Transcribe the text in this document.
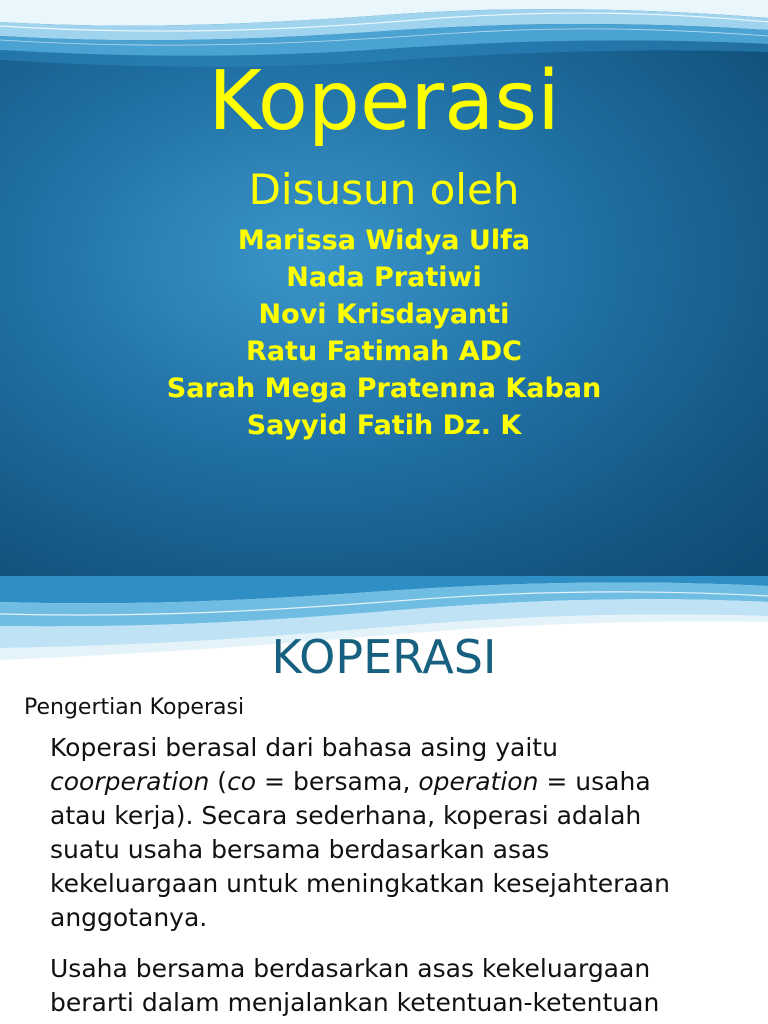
Koperasi
Disusun oleh
Marissa Widya Ulfa
Nada Pratiwi
Novi Krisdayanti
Ratu Fatimah ADC
Sarah Mega Pratenna Kaban
Sayyid Fatih Dz. K
KOPERASI
Pengertian Koperasi

Koperasi berasal dari bahasa asing yaitu
coorperation (co = bersama, operation = usaha
atau kerja). Secara sederhana, koperasi adalah
suatu usaha bersama berdasarkan asas
kekeluargaan untuk meningkatkan kesejahteraan
anggotanya.

Usaha bersama berdasarkan asas kekeluargaan
berarti dalam menjalankan ketentuan-ketentuan
